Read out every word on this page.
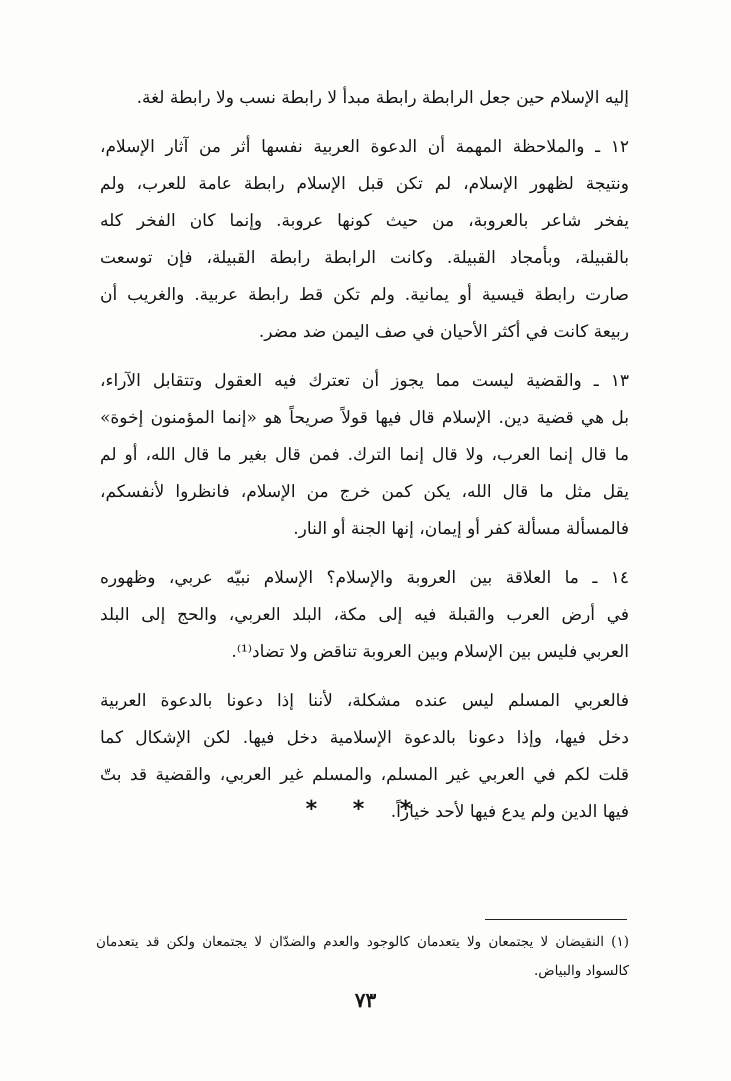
إليه الإسلام حين جعل الرابطة رابطة مبدأ لا رابطة نسب ولا رابطة لغة.

١٢ ـ والملاحظة المهمة أن الدعوة العربية نفسها أثر من آثار الإسلام،
ونتيجة لظهور الإسلام، لم تكن قبل الإسلام رابطة عامة للعرب، ولم
يفخر شاعر بالعروبة، من حيث كونها عروبة. وإنما كان الفخر كله
بالقبيلة، وبأمجاد القبيلة. وكانت الرابطة رابطة القبيلة، فإن توسعت
صارت رابطة قيسية أو يمانية. ولم تكن قط رابطة عربية. والغريب أن
ربيعة كانت في أكثر الأحيان في صف اليمن ضد مضر.

١٣ ـ والقضية ليست مما يجوز أن تعترك فيه العقول وتتقابل الآراء،
بل هي قضية دين. الإسلام قال فيها قولاً صريحاً هو «إنما المؤمنون إخوة»
ما قال إنما العرب، ولا قال إنما الترك. فمن قال بغير ما قال الله، أو لم
يقل مثل ما قال الله، يكن كمن خرج من الإسلام، فانظروا لأنفسكم،
فالمسألة مسألة كفر أو إيمان، إنها الجنة أو النار.

١٤ ـ ما العلاقة بين العروبة والإسلام؟ الإسلام نبيّه عربي، وظهوره
في أرض العرب والقبلة فيه إلى مكة، البلد العربي، والحج إلى البلد
العربي فليس بين الإسلام وبين العروبة تناقض ولا تضاد⁽¹⁾.

فالعربي المسلم ليس عنده مشكلة، لأننا إذا دعونا بالدعوة العربية
دخل فيها، وإذا دعونا بالدعوة الإسلامية دخل فيها. لكن الإشكال كما
قلت لكم في العربي غير المسلم، والمسلم غير العربي، والقضية قد بتّ
فيها الدين ولم يدع فيها لأحد خياراً.

* * *
(١) النقيضان لا يجتمعان ولا يتعدمان كالوجود والعدم والضدّان لا يجتمعان ولكن قد يتعدمان
كالسواد والبياض.
٧٣
